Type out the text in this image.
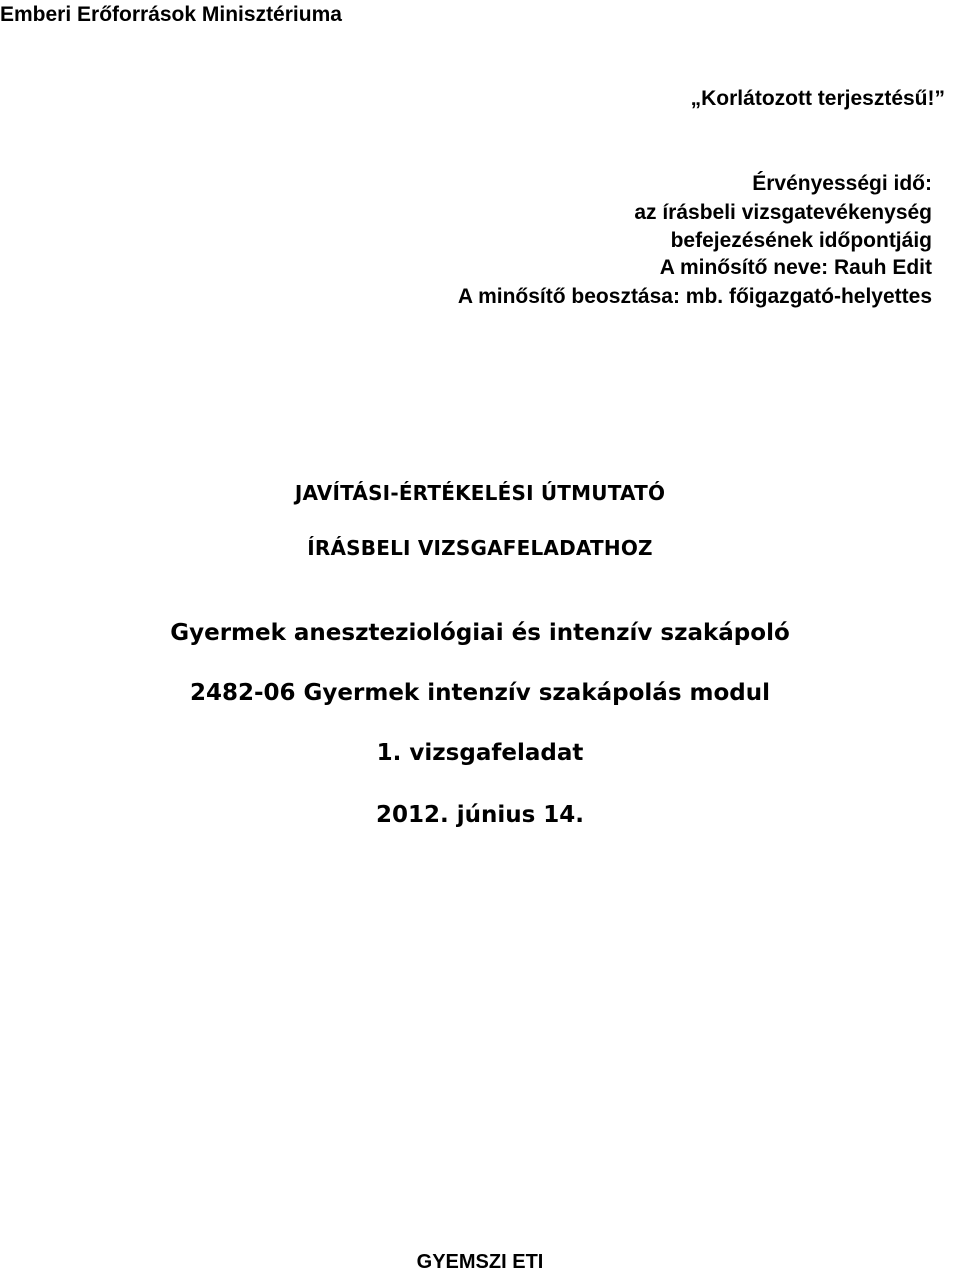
Emberi Erőforrások Minisztériuma

„Korlátozott terjesztésű!”

Érvényességi idő:

az írásbeli vizsgatevékenység

befejezésének időpontjáig

A minősítő neve: Rauh Edit

A minősítő beosztása: mb. főigazgató-helyettes

JAVÍTÁSI-ÉRTÉKELÉSI ÚTMUTATÓ

ÍRÁSBELI VIZSGAFELADATHOZ

Gyermek aneszteziológiai és intenzív szakápoló

2482-06 Gyermek intenzív szakápolás modul

1. vizsgafeladat

2012. június 14.

GYEMSZI ETI
